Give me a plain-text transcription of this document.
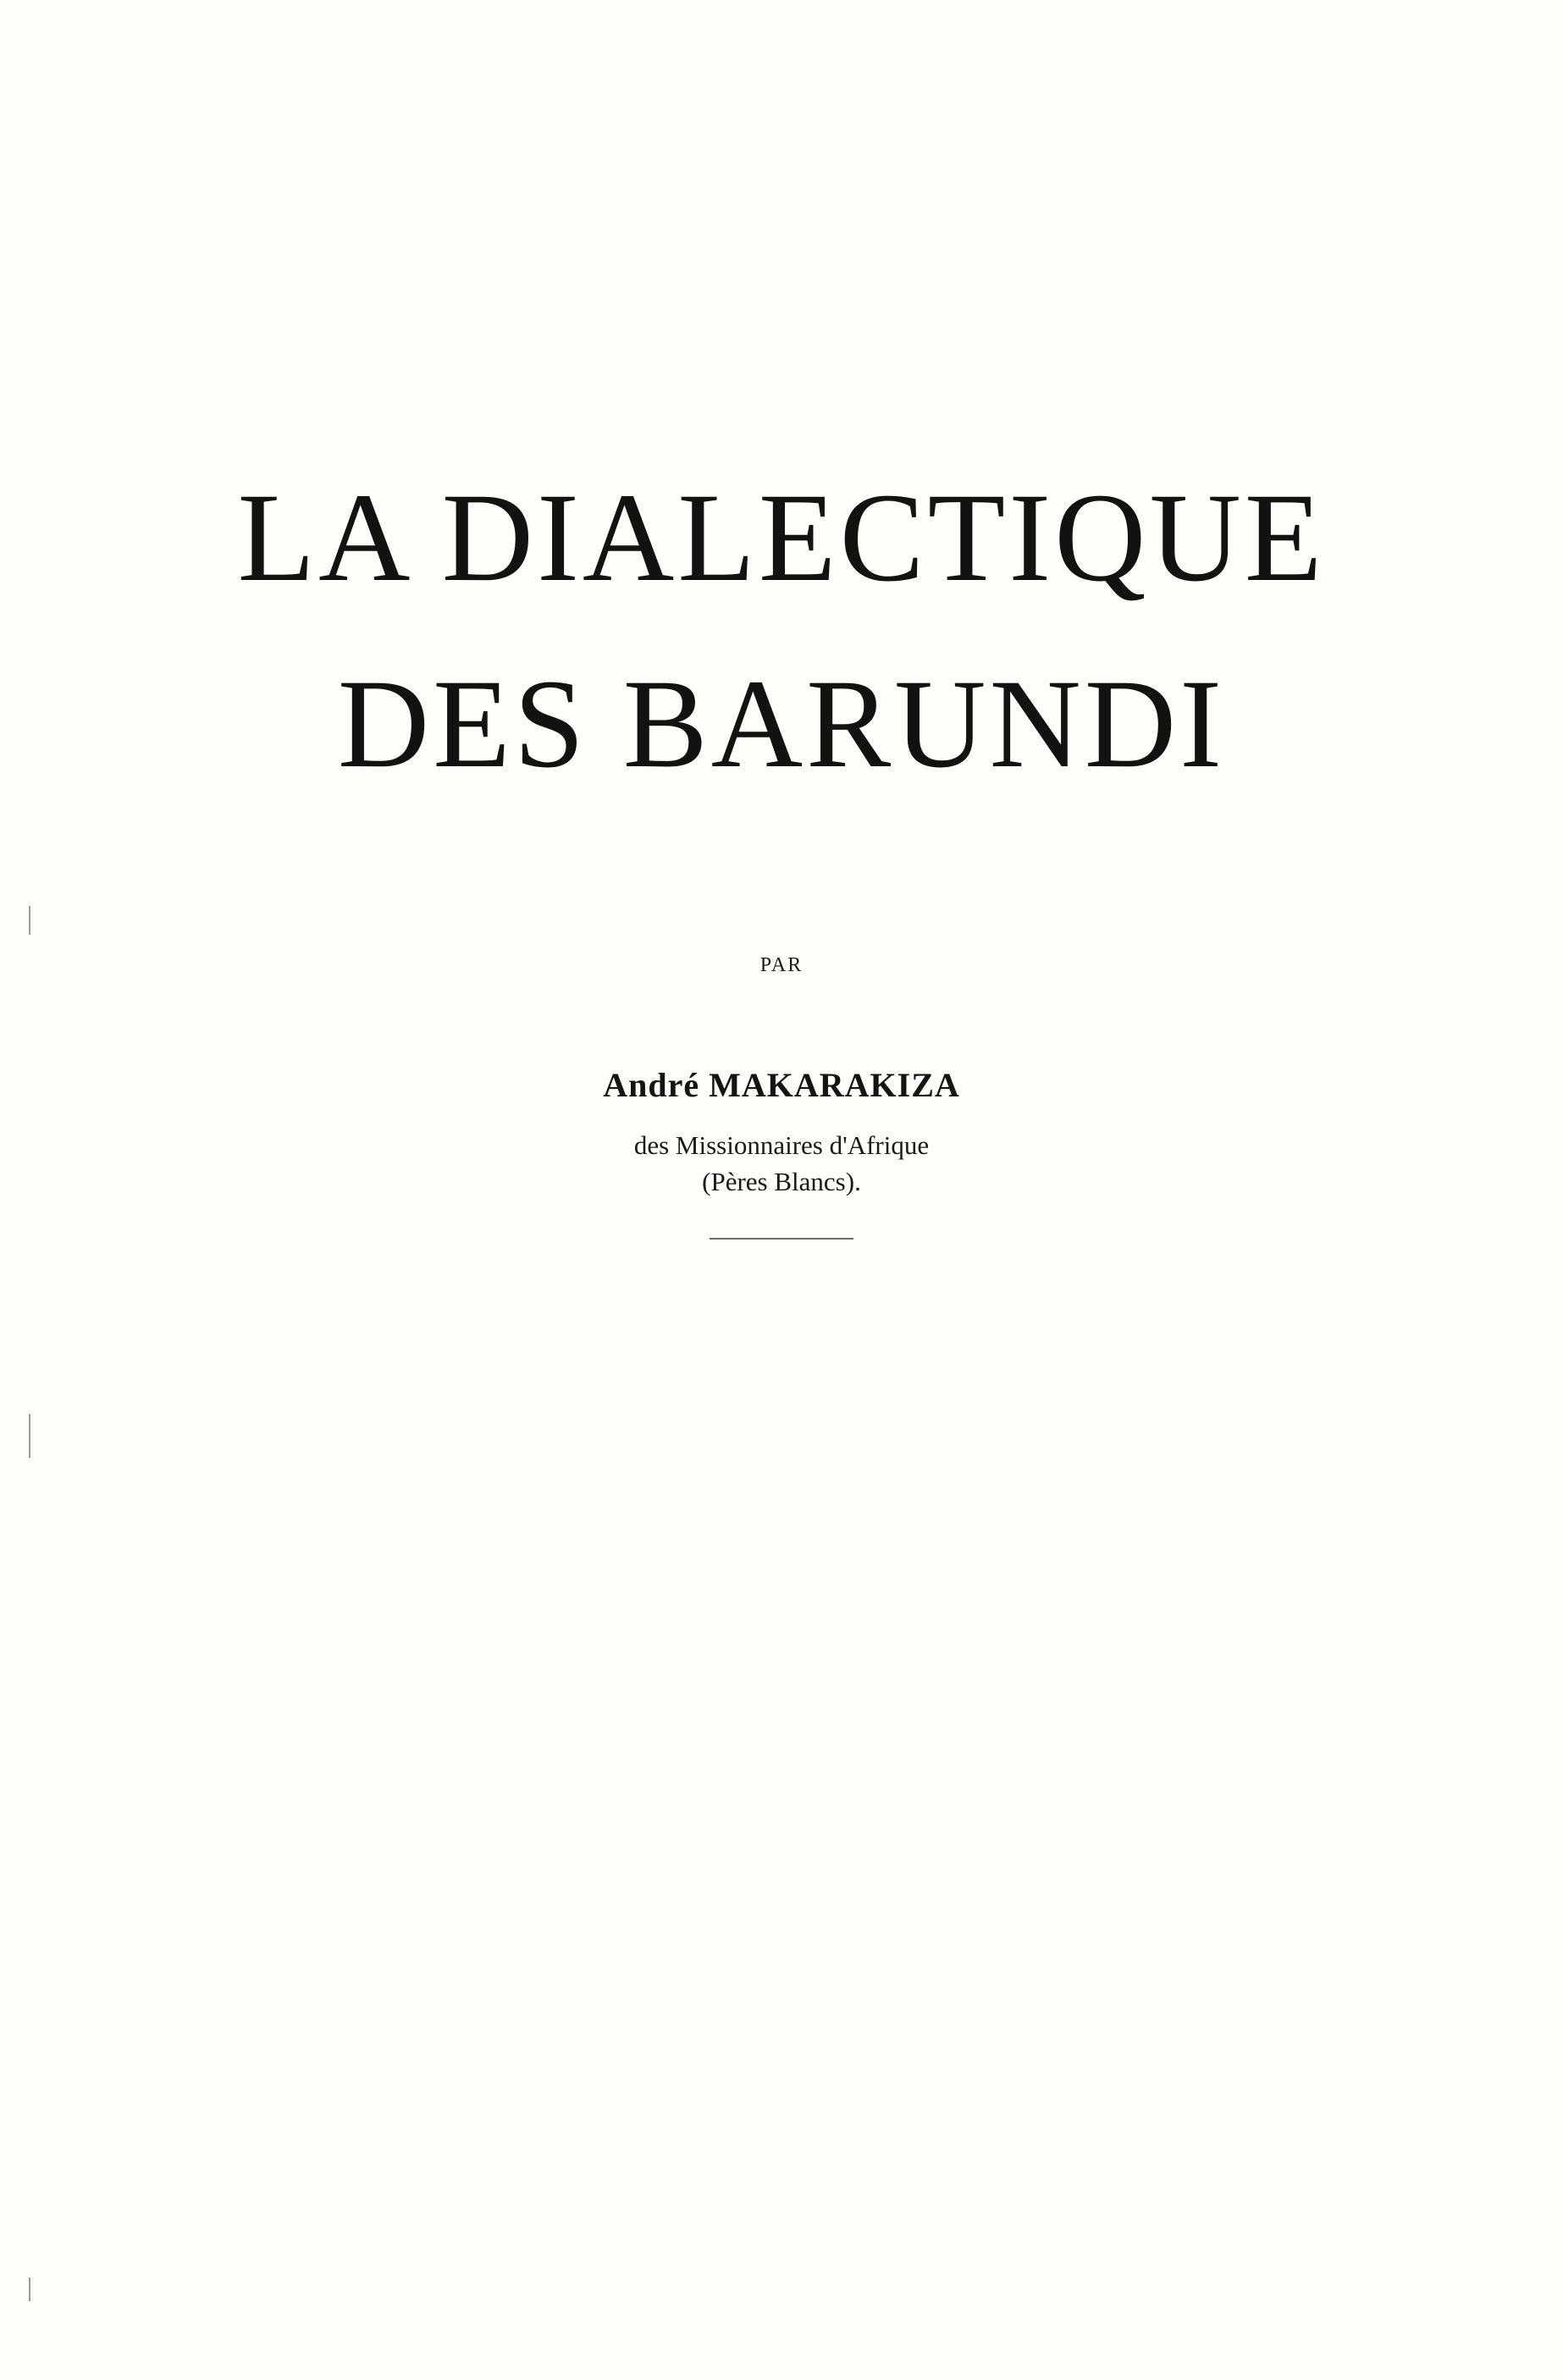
LA DIALECTIQUE
DES BARUNDI
PAR
André MAKARAKIZA
des Missionnaires d'Afrique
(Pères Blancs).
